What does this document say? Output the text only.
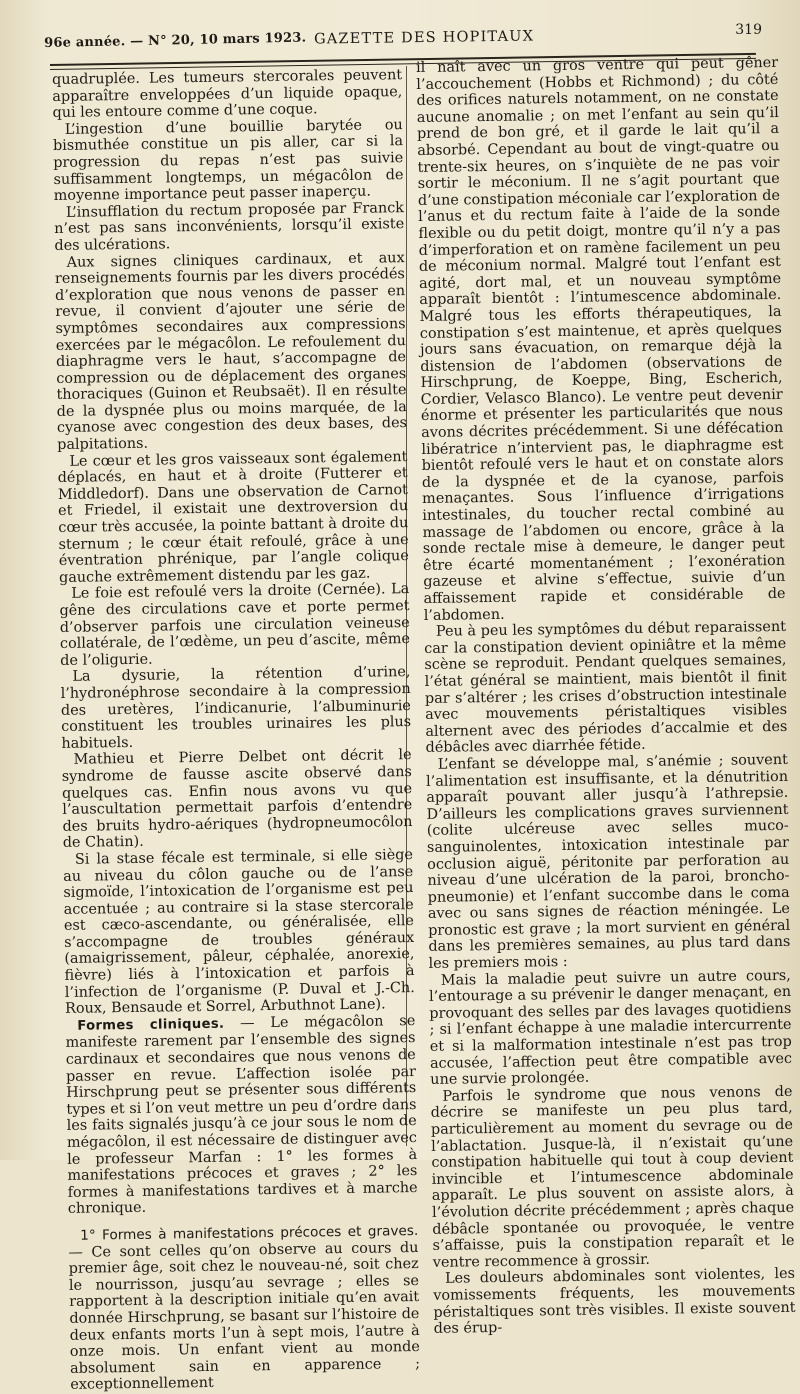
96e année. — N° 20, 10 mars 1923. GAZETTE DES HOPITAUX	319

quadruplée. Les tumeurs stercorales peuvent apparaître enveloppées d’un liquide opaque, qui les entoure comme d’une coque.

L’ingestion d’une bouillie barytée ou bismuthée constitue un pis aller, car si la progression du repas n’est pas suivie suffisamment longtemps, un mégacôlon de moyenne importance peut passer inaperçu.

L’insufflation du rectum proposée par Franck n’est pas sans inconvénients, lorsqu’il existe des ulcérations.

Aux signes cliniques cardinaux, et aux renseignements fournis par les divers procédés d’exploration que nous venons de passer en revue, il convient d’ajouter une série de symptômes secondaires aux compressions exercées par le mégacôlon. Le refoulement du diaphragme vers le haut, s’accompagne de compression ou de déplacement des organes thoraciques (Guinon et Reubsaët). Il en résulte de la dyspnée plus ou moins marquée, de la cyanose avec congestion des deux bases, des palpitations.

Le cœur et les gros vaisseaux sont également déplacés, en haut et à droite (Futterer et Middledorf). Dans une observation de Carnot et Friedel, il existait une dextroversion du cœur très accusée, la pointe battant à droite du sternum ; le cœur était refoulé, grâce à une éventration phrénique, par l’angle colique gauche extrêmement distendu par les gaz.

Le foie est refoulé vers la droite (Cernée). La gêne des circulations cave et porte permet d’observer parfois une circulation veineuse collatérale, de l’œdème, un peu d’ascite, même de l’oligurie.

La dysurie, la rétention d’urine, l’hydronéphrose secondaire à la compression des uretères, l’indicanurie, l’albuminurie constituent les troubles urinaires les plus habituels.

Mathieu et Pierre Delbet ont décrit le syndrome de fausse ascite observé dans quelques cas. Enfin nous avons vu que l’auscultation permettait parfois d’entendre des bruits hydro-aériques (hydropneumocôlon de Chatin).

Si la stase fécale est terminale, si elle siège au niveau du côlon gauche ou de l’anse sigmoïde, l’intoxication de l’organisme est peu accentuée ; au contraire si la stase stercorale est cæco-ascendante, ou généralisée, elle s’accompagne de troubles généraux (amaigrissement, pâleur, céphalée, anorexie, fièvre) liés à l’intoxication et parfois à l’infection de l’organisme (P. Duval et J.-Ch. Roux, Bensaude et Sorrel, Arbuthnot Lane).

Formes cliniques. — Le mégacôlon se manifeste rarement par l’ensemble des signes cardinaux et secondaires que nous venons de passer en revue. L’affection isolée par Hirschprung peut se présenter sous différents types et si l’on veut mettre un peu d’ordre dans les faits signalés jusqu’à ce jour sous le nom de mégacôlon, il est nécessaire de distinguer avec le professeur Marfan : 1° les formes à manifestations précoces et graves ; 2° les formes à manifestations tardives et à marche chronique.

1° Formes à manifestations précoces et graves. — Ce sont celles qu’on observe au cours du premier âge, soit chez le nouveau-né, soit chez le nourrisson, jusqu’au sevrage ; elles se rapportent à la description initiale qu’en avait donnée Hirschprung, se basant sur l’histoire de deux enfants morts l’un à sept mois, l’autre à onze mois. Un enfant vient au monde absolument sain en apparence ; exceptionnellement

il naît avec un gros ventre qui peut gêner l’accouchement (Hobbs et Richmond) ; du côté des orifices naturels notamment, on ne constate aucune anomalie ; on met l’enfant au sein qu’il prend de bon gré, et il garde le lait qu’il a absorbé. Cependant au bout de vingt-quatre ou trente-six heures, on s’inquiète de ne pas voir sortir le méconium. Il ne s’agit pourtant que d’une constipation méconiale car l’exploration de l’anus et du rectum faite à l’aide de la sonde flexible ou du petit doigt, montre qu’il n’y a pas d’imperforation et on ramène facilement un peu de méconium normal. Malgré tout l’enfant est agité, dort mal, et un nouveau symptôme apparaît bientôt : l’intumescence abdominale. Malgré tous les efforts thérapeutiques, la constipation s’est maintenue, et après quelques jours sans évacuation, on remarque déjà la distension de l’abdomen (observations de Hirschprung, de Koeppe, Bing, Escherich, Cordier, Velasco Blanco). Le ventre peut devenir énorme et présenter les particularités que nous avons décrites précédemment. Si une défécation libératrice n’intervient pas, le diaphragme est bientôt refoulé vers le haut et on constate alors de la dyspnée et de la cyanose, parfois menaçantes. Sous l’influence d’irrigations intestinales, du toucher rectal combiné au massage de l’abdomen ou encore, grâce à la sonde rectale mise à demeure, le danger peut être écarté momentanément ; l’exonération gazeuse et alvine s’effectue, suivie d’un affaissement rapide et considérable de l’abdomen.

Peu à peu les symptômes du début reparaissent car la constipation devient opiniâtre et la même scène se reproduit. Pendant quelques semaines, l’état général se maintient, mais bientôt il finit par s’altérer ; les crises d’obstruction intestinale avec mouvements péristaltiques visibles alternent avec des périodes d’accalmie et des débâcles avec diarrhée fétide.

L’enfant se développe mal, s’anémie ; souvent l’alimentation est insuffisante, et la dénutrition apparaît pouvant aller jusqu’à l’athrepsie. D’ailleurs les complications graves surviennent (colite ulcéreuse avec selles muco-sanguinolentes, intoxication intestinale par occlusion aiguë, péritonite par perforation au niveau d’une ulcération de la paroi, broncho-pneumonie) et l’enfant succombe dans le coma avec ou sans signes de réaction méningée. Le pronostic est grave ; la mort survient en général dans les premières semaines, au plus tard dans les premiers mois :

Mais la maladie peut suivre un autre cours, l’entourage a su prévenir le danger menaçant, en provoquant des selles par des lavages quotidiens ; si l’enfant échappe à une maladie intercurrente et si la malformation intestinale n’est pas trop accusée, l’affection peut être compatible avec une survie prolongée.

Parfois le syndrome que nous venons de décrire se manifeste un peu plus tard, particulièrement au moment du sevrage ou de l’ablactation. Jusque-là, il n’existait qu’une constipation habituelle qui tout à coup devient invincible et l’intumescence abdominale apparaît. Le plus souvent on assiste alors, à l’évolution décrite précédemment ; après chaque débâcle spontanée ou provoquée, le ventre s’affaisse, puis la constipation reparaît et le ventre recommence à grossir.

Les douleurs abdominales sont violentes, les vomissements fréquents, les mouvements péristaltiques sont très visibles. Il existe souvent des érup-
